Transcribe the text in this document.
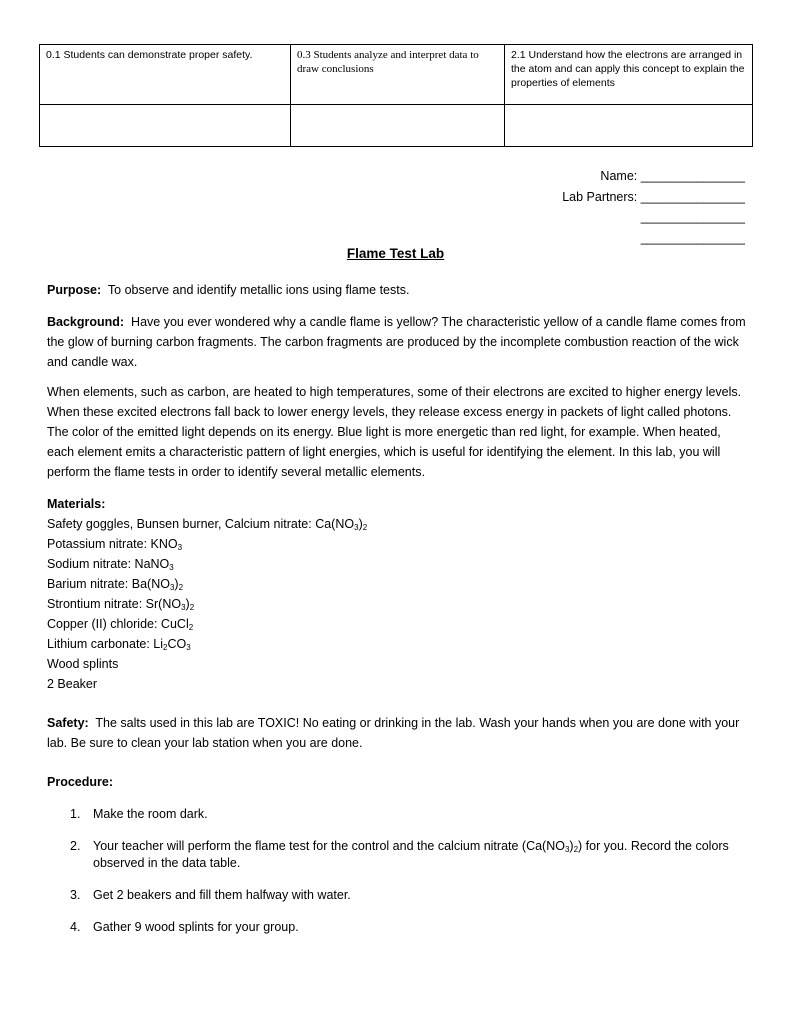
0.1 Students can demonstrate proper safety.	0.3 Students analyze and interpret data to draw conclusions	2.1 Understand how the electrons are arranged in the atom and can apply this concept to explain the properties of elements

Name: _______________
Lab Partners: _______________
_______________
_______________
Flame Test Lab

Purpose: To observe and identify metallic ions using flame tests.

Background: Have you ever wondered why a candle flame is yellow? The characteristic yellow of a candle flame comes from the glow of burning carbon fragments. The carbon fragments are produced by the incomplete combustion reaction of the wick and candle wax.

When elements, such as carbon, are heated to high temperatures, some of their electrons are excited to higher energy levels. When these excited electrons fall back to lower energy levels, they release excess energy in packets of light called photons. The color of the emitted light depends on its energy. Blue light is more energetic than red light, for example. When heated, each element emits a characteristic pattern of light energies, which is useful for identifying the element. In this lab, you will perform the flame tests in order to identify several metallic elements.

Materials:
Safety goggles, Bunsen burner, Calcium nitrate: $Ca(NO_3)_2$
Potassium nitrate: $KNO_3$
Sodium nitrate: NaNO$_3$
Barium nitrate: $Ba(NO_3)_2$
Strontium nitrate: $Sr(NO_3)_2$
Copper (II) chloride: CuCl$_2$
Lithium carbonate: $Li_2CO_3$
Wood splints
2 Beaker

Safety: The salts used in this lab are TOXIC! No eating or drinking in the lab. Wash your hands when you are done with your lab. Be sure to clean your lab station when you are done.

Procedure:

1.	Make the room dark.
2.	Your teacher will perform the flame test for the control and the calcium nitrate $(Ca(NO_3)_2)$ for you. Record the colors observed in the data table.
3.	Get 2 beakers and fill them halfway with water.
4.	Gather 9 wood splints for your group.
